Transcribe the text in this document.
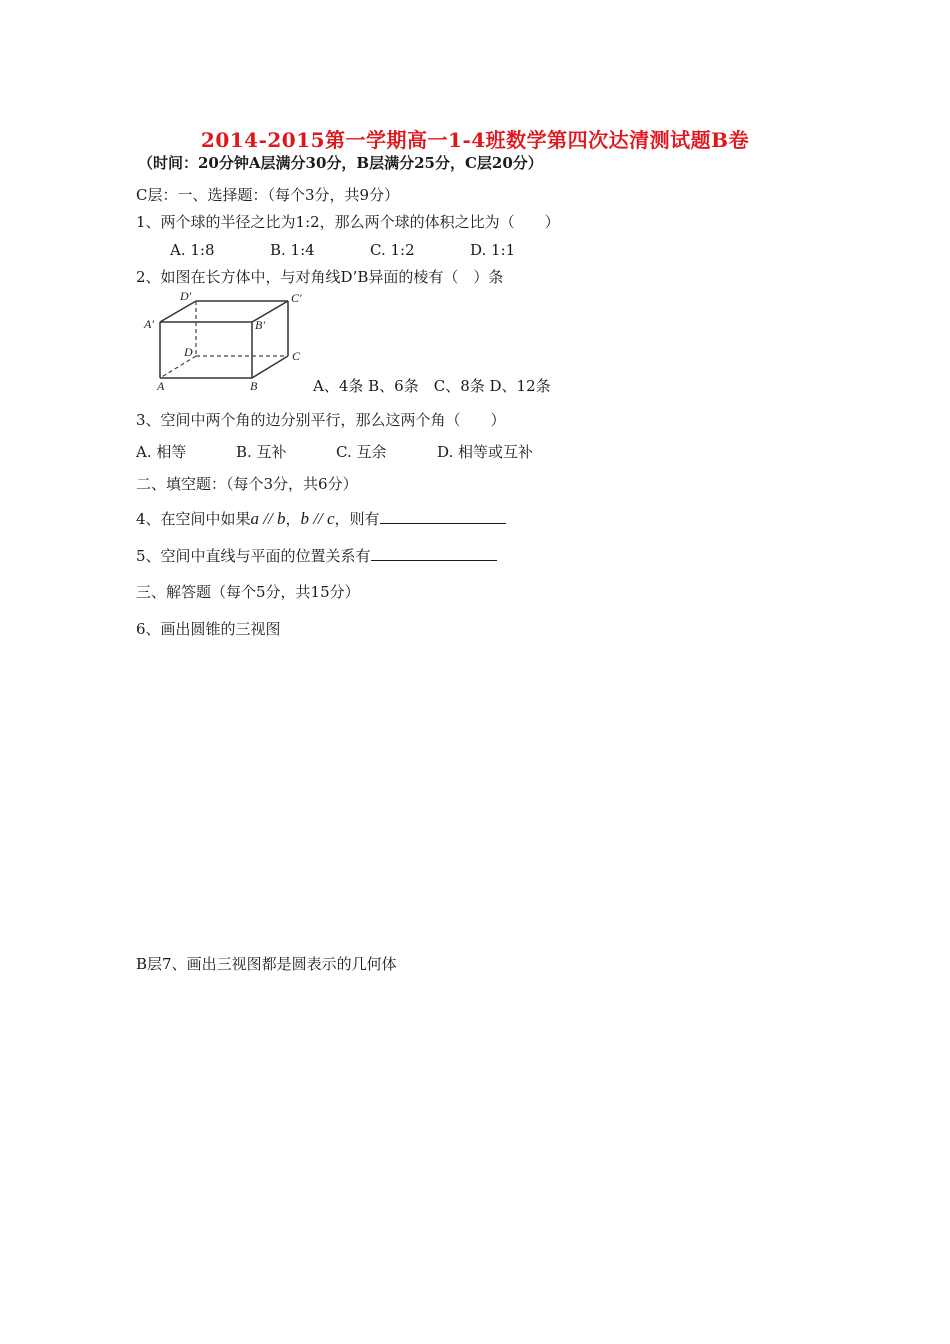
2014-2015第一学期高一1-4班数学第四次达清测试题B卷
（时间：20分钟A层满分30分，B层满分25分，C层20分）
C层：一、选择题：（每个3分，共9分）
1、两个球的半径之比为1:2，那么两个球的体积之比为（　　）
A. 1:8	B. 1:4	C. 1:2	D. 1:1
2、如图在长方体中，与对角线D’B异面的棱有（　）条
D'	C'
A'	B'
D	C
A	B	A、4条 B、6条　C、8条 D、12条
3、空间中两个角的边分别平行，那么这两个角（　　）
A. 相等	B. 互补	C. 互余	D. 相等或互补
二、填空题：（每个3分，共6分）
4、在空间中如果a // b，b // c，则有
5、空间中直线与平面的位置关系有
三、解答题（每个5分，共15分）
6、画出圆锥的三视图
B层7、画出三视图都是圆表示的几何体
